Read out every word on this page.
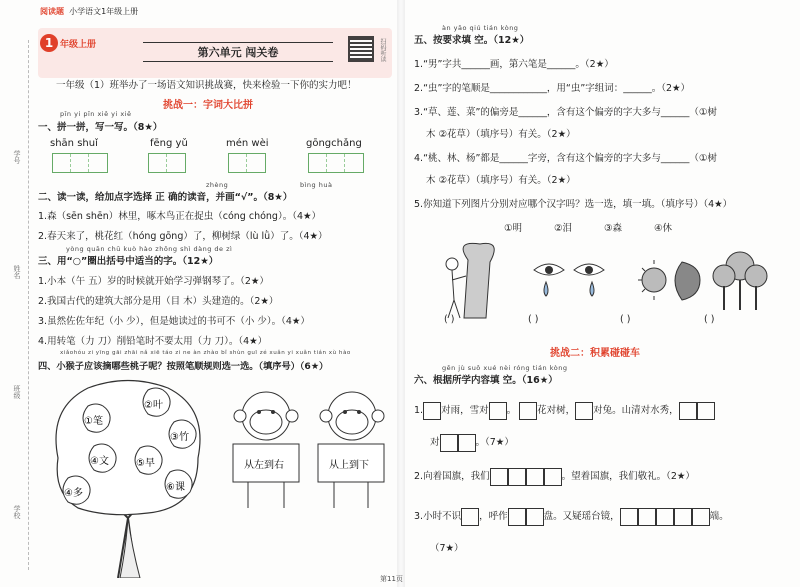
学号
姓名
班级
学校
阅读题 小学语文1年级上册
1 年级上册
第六单元 闯关卷	扫码听读
一年级（1）班举办了一场语文知识挑战赛，快来检验一下你的实力吧！
挑战一：字词大比拼
pīn yi pīn xiě yi xiě
一、拼一拼，写一写。（8★）
shān shuǐ	fēng yǔ	mén wèi	gōngchǎng
zhèng	bìng huà
二、读一读，给加点字选择 正 确的读音，并画“√”。（8★）
1.森（sēn shēn）林里，啄木鸟正在捉虫（cóng chóng）。（4★）
2.春天来了，桃花红（hóng gōng）了，柳树绿（lù lǜ）了。（4★）
yòng quān chū kuò hào zhōng shì dàng de zì
三、用“○”圈出括号中适当的字。（12★）
1.小本（午 五）岁的时候就开始学习弹钢琴了。（2★）
2.我国古代的建筑大部分是用（目 木）头建造的。（2★）
3.虽然佐佐年纪（小 少），但是她读过的书可不（小 少）。（4★）
4.用转笔（力 刀）削铅笔时不要太用（力 刀）。（4★）
xiǎohóu zi yīng gāi zhāi nǎ xiē táo zi ne àn zhào bǐ shùn guī zé xuǎn yi xuǎn tián xù hào
四、小猴子应该摘哪些桃子呢？按照笔顺规则选一选。（填序号）（6★）
①笔
②叶
③竹
④文	⑤早
⑥课
④多
从左到右	从上到下
àn yāo qiú tián kòng
五、按要求填 空。（12★）
1.“男”字共______画，第六笔是______。（2★）
2.“虫”字的笔顺是____________，用“虫”字组词：______。（2★）
3.“草、莲、菜”的偏旁是______，含有这个偏旁的字大多与______（①树
木 ②花草）（填序号）有关。（2★）
4.“桃、林、杨”都是______字旁，含有这个偏旁的字大多与______（①树
木 ②花草）（填序号）有关。（2★）
5.你知道下列图片分别对应哪个汉字吗？选一选，填一填。（填序号）（4★）
①明	②泪	③森	④休
( )	( )	( )	( )
挑战二：积累碰碰车
gēn jù suǒ xué nèi róng tián kòng
六、根据所学内容填 空。（16★）
1. 对雨，雪对 。 花对树， 对兔。山清对水秀，
对	。（7★）
2.向着国旗，我们	。望着国旗，我们敬礼。（2★）
3.小时不识 ，呼作	盘。又疑瑶台镜，	端。
（7★）
第11页
